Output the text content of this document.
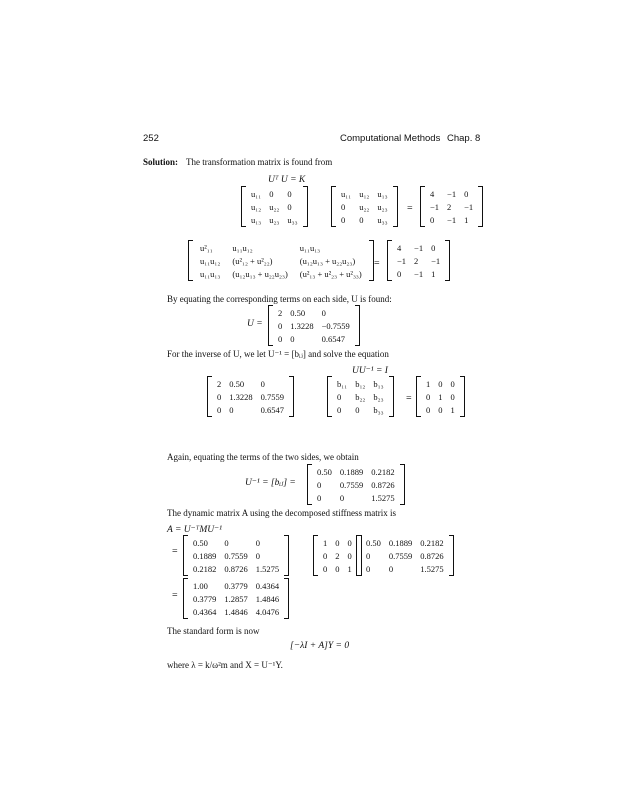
252	Computational Methods Chap. 8
Solution: The transformation matrix is found from
Uᵀ U = K
u₁₁	0	0
u₁₂	u₂₂	0
u₁₃	u₂₃	u₃₃
u₁₁	u₁₂	u₁₃
0	u₂₂	u₂₃
0	0	u₃₃
=
4	−1	0
−1	2	−1
0	−1	1
u²₁₁	u₁₁u₁₂	u₁₁u₁₃
u₁₁u₁₂	(u²₁₂ + u²₂₂)	(u₁₂u₁₃ + u₂₂u₂₃)
u₁₁u₁₃	(u₁₂u₁₃ + u₂₂u₂₃)	(u²₁₃ + u²₂₃ + u²₃₃)
=
4	−1	0
−1	2	−1
0	−1	1
By equating the corresponding terms on each side, U is found:
U =
2	0.50	0
0	1.3228	−0.7559
0	0	0.6547
For the inverse of U, we let U⁻¹ = [bᵢⱼ] and solve the equation
UU⁻¹ = I
2	0.50	0
0	1.3228	0.7559
0	0	0.6547
b₁₁	b₁₂	b₁₃
0	b₂₂	b₂₃
0	0	b₃₃
=
1	0	0
0	1	0
0	0	1
Again, equating the terms of the two sides, we obtain
U⁻¹ = [bᵢⱼ] =
0.50	0.1889	0.2182
0	0.7559	0.8726
0	0	1.5275
The dynamic matrix A using the decomposed stiffness matrix is
A = U⁻ᵀMU⁻¹
=
0.50	0	0
0.1889	0.7559	0
0.2182	0.8726	1.5275
1	0	0
0	2	0
0	0	1
0.50	0.1889	0.2182
0	0.7559	0.8726
0	0	1.5275
=
1.00	0.3779	0.4364
0.3779	1.2857	1.4846
0.4364	1.4846	4.0476
The standard form is now
[−λI + A]Y = 0
where λ = k/ω²m and X = U⁻¹Y.
